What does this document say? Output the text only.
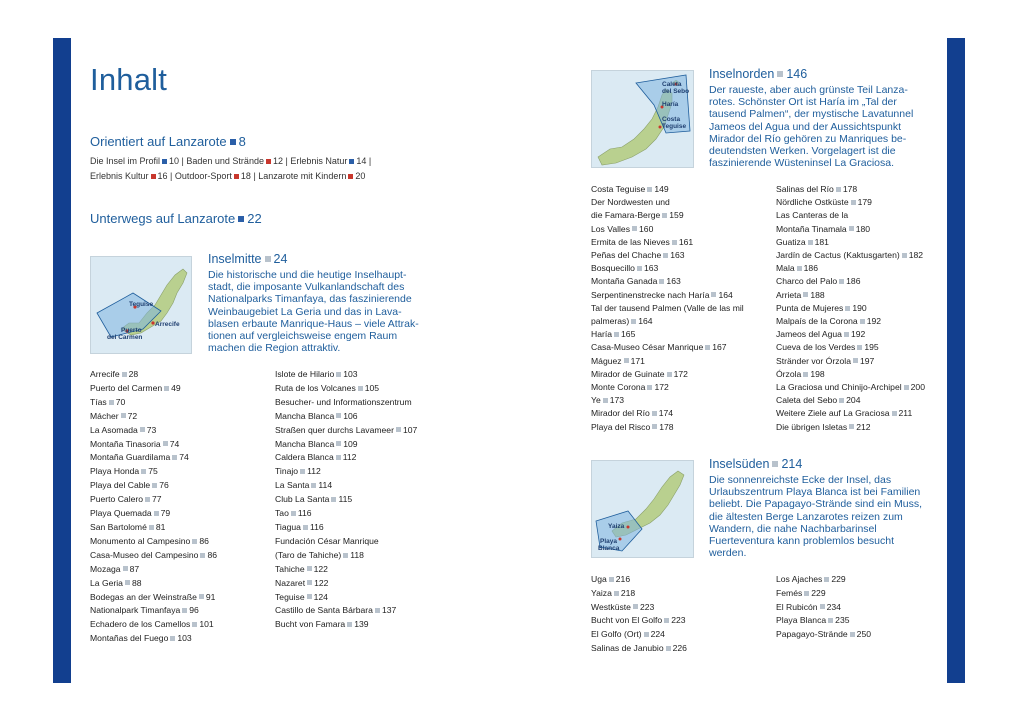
Inhalt
Orientiert auf Lanzarote 8
Die Insel im Profil 10 | Baden und Strände 12 | Erlebnis Natur 14 |
Erlebnis Kultur 16 | Outdoor-Sport 18 | Lanzarote mit Kindern 20
Unterwegs auf Lanzarote 22
Teguise
Arrecife
Puerto
del Carmen
Inselmitte 24
Die historische und die heutige Inselhaupt-
stadt, die imposante Vulkanlandschaft des
Nationalparks Timanfaya, das faszinierende
Weinbaugebiet La Geria und das in Lava-
blasen erbaute Manrique-Haus – viele Attrak-
tionen auf vergleichsweise engem Raum
machen die Region attraktiv.
Arrecife 28
Puerto del Carmen 49
Tías 70
Mácher 72
La Asomada 73
Montaña Tinasoria 74
Montaña Guardilama 74
Playa Honda 75
Playa del Cable 76
Puerto Calero 77
Playa Quemada 79
San Bartolomé 81
Monumento al Campesino 86
Casa-Museo del Campesino 86
Mozaga 87
La Geria 88
Bodegas an der Weinstraße 91
Nationalpark Timanfaya 96
Echadero de los Camellos 101
Montañas del Fuego 103
Islote de Hilario 103
Ruta de los Volcanes 105
Besucher- und Informationszentrum
Mancha Blanca 106
Straßen quer durchs Lavameer 107
Mancha Blanca 109
Caldera Blanca 112
Tinajo 112
La Santa 114
Club La Santa 115
Tao 116
Tiagua 116
Fundación César Manrique
(Taro de Tahiche) 118
Tahiche 122
Nazaret 122
Teguise 124
Castillo de Santa Bárbara 137
Bucht von Famara 139
Caleta
del Sebo
Haría
Costa
Teguise
Inselnorden 146
Der raueste, aber auch grünste Teil Lanza-
rotes. Schönster Ort ist Haría im „Tal der
tausend Palmen“, der mystische Lavatunnel
Jameos del Agua und der Aussichtspunkt
Mirador del Río gehören zu Manriques be-
deutendsten Werken. Vorgelagert ist die
faszinierende Wüsteninsel La Graciosa.
Costa Teguise 149
Der Nordwesten und
die Famara-Berge 159
Los Valles 160
Ermita de las Nieves 161
Peñas del Chache 163
Bosquecillo 163
Montaña Ganada 163
Serpentinenstrecke nach Haría 164
Tal der tausend Palmen (Valle de las mil
palmeras) 164
Haría 165
Casa-Museo César Manrique 167
Máguez 171
Mirador de Guinate 172
Monte Corona 172
Ye 173
Mirador del Río 174
Playa del Risco 178
Salinas del Río 178
Nördliche Ostküste 179
Las Canteras de la
Montaña Tinamala 180
Guatiza 181
Jardín de Cactus (Kaktusgarten) 182
Mala 186
Charco del Palo 186
Arrieta 188
Punta de Mujeres 190
Malpaís de la Corona 192
Jameos del Agua 192
Cueva de los Verdes 195
Stränder vor Órzola 197
Órzola 198
La Graciosa und Chinijo-Archipel 200
Caleta del Sebo 204
Weitere Ziele auf La Graciosa 211
Die übrigen Isletas 212
Yaiza
Playa
Blanca
Inselsüden 214
Die sonnenreichste Ecke der Insel, das
Urlaubszentrum Playa Blanca ist bei Familien
beliebt. Die Papagayo-Strände sind ein Muss,
die ältesten Berge Lanzarotes reizen zum
Wandern, die nahe Nachbarbarinsel
Fuerteventura kann problemlos besucht
werden.
Uga 216
Yaiza 218
Westküste 223
Bucht von El Golfo 223
El Golfo (Ort) 224
Salinas de Janubio 226
Los Ajaches 229
Femés 229
El Rubicón 234
Playa Blanca 235
Papagayo-Strände 250
